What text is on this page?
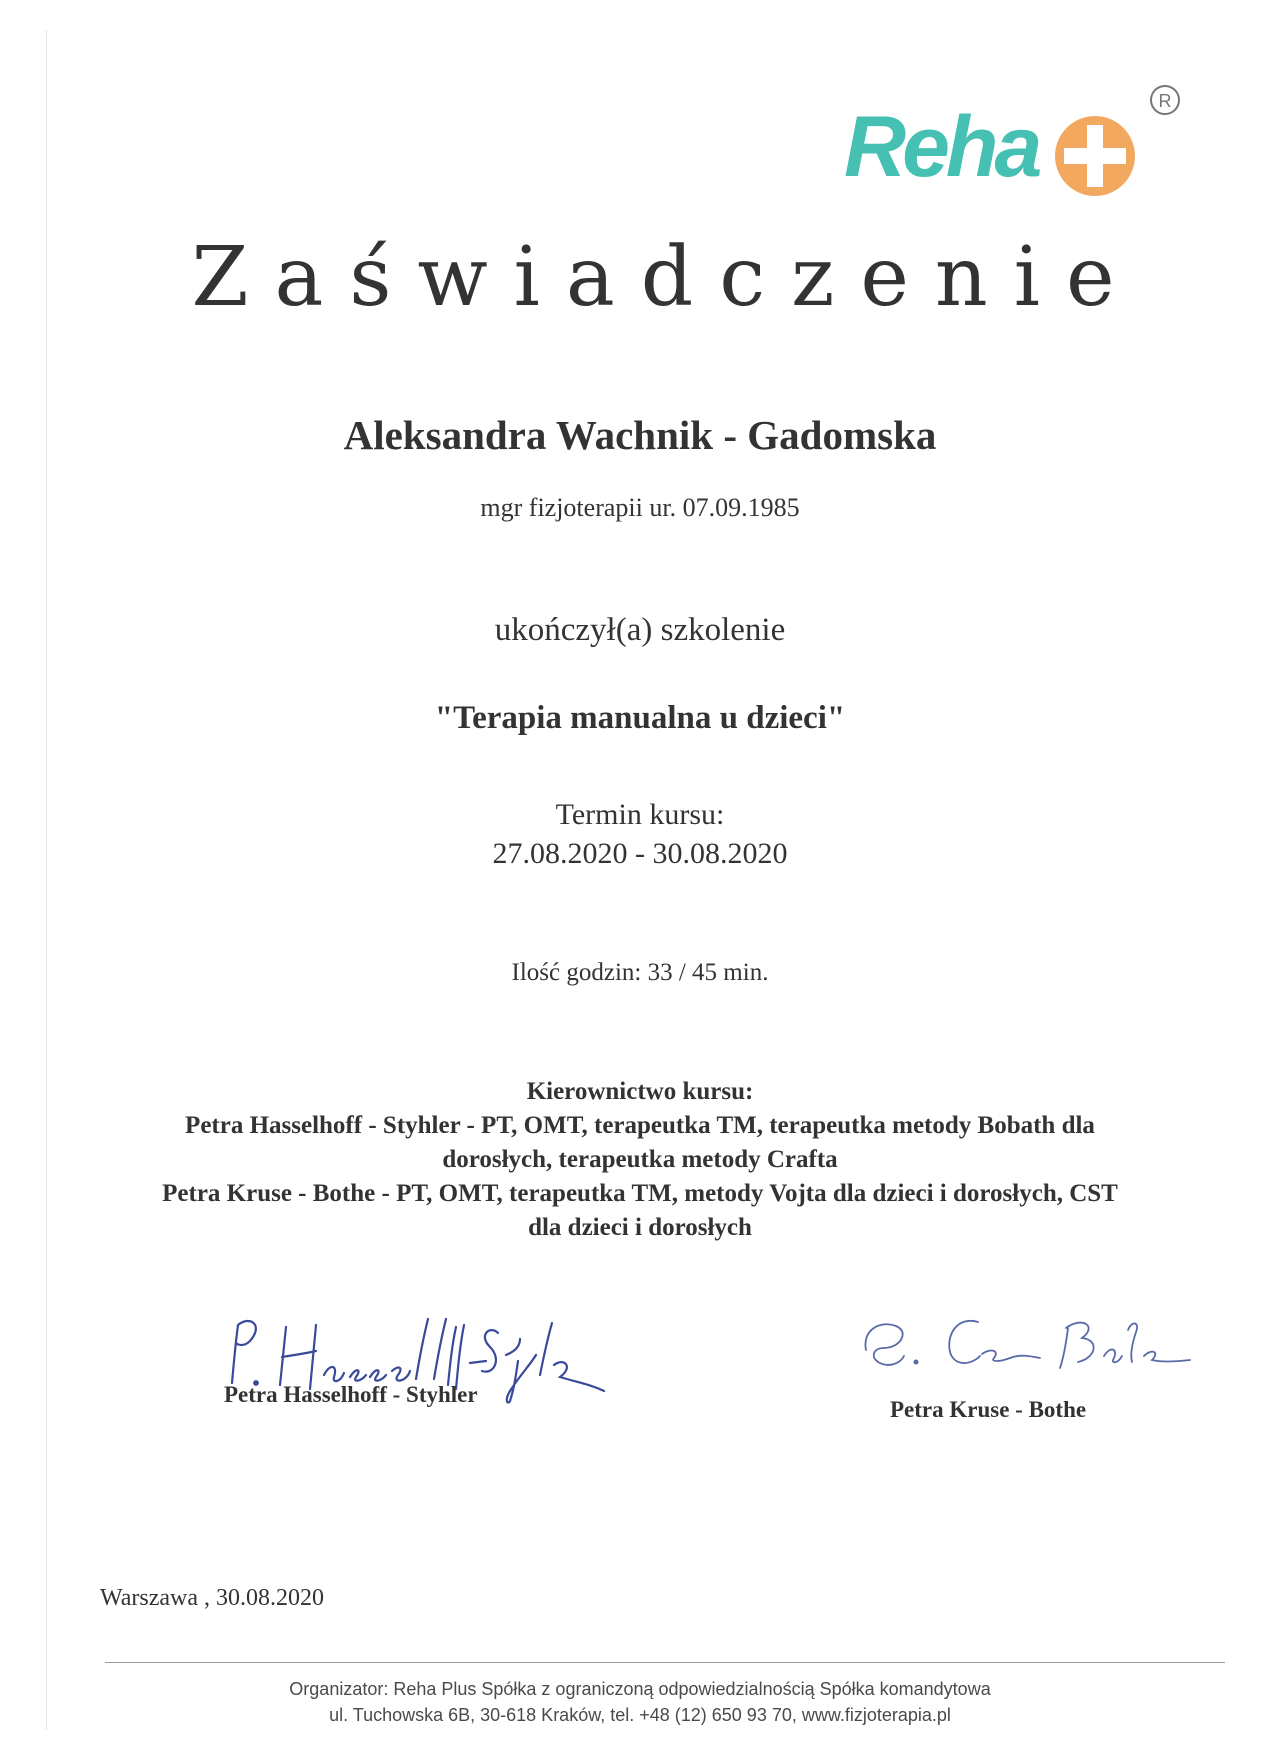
Reha	R
Zaświadczenie
Aleksandra Wachnik - Gadomska
mgr fizjoterapii ur. 07.09.1985
ukończył(a) szkolenie
"Terapia manualna u dzieci"
Termin kursu:
27.08.2020 - 30.08.2020
Ilość godzin: 33 / 45 min.
Kierownictwo kursu:
Petra Hasselhoff - Styhler - PT, OMT, terapeutka TM, terapeutka metody Bobath dla
dorosłych, terapeutka metody Crafta
Petra Kruse - Bothe - PT, OMT, terapeutka TM, metody Vojta dla dzieci i dorosłych, CST
dla dzieci i dorosłych
Petra Hasselhoff - Styhler
Petra Kruse - Bothe
Warszawa , 30.08.2020
Organizator: Reha Plus Spółka z ograniczoną odpowiedzialnością Spółka komandytowa
ul. Tuchowska 6B, 30-618 Kraków, tel. +48 (12) 650 93 70, www.fizjoterapia.pl
